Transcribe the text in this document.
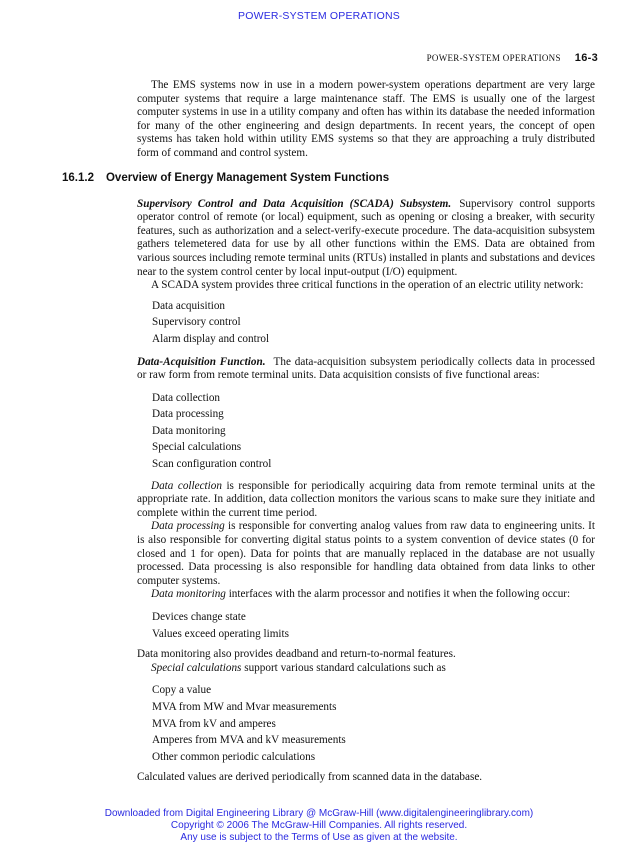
POWER-SYSTEM OPERATIONS
POWER-SYSTEM OPERATIONS 16-3
16.1.2 Overview of Energy Management System Functions

The EMS systems now in use in a modern power-system operations department are very large computer systems that require a large maintenance staff. The EMS is usually one of the largest computer systems in use in a utility company and often has within its database the needed information for many of the other engineering and design departments. In recent years, the concept of open systems has taken hold within utility EMS systems so that they are approaching a truly distributed form of command and control system.

Supervisory Control and Data Acquisition (SCADA) Subsystem. Supervisory control supports operator control of remote (or local) equipment, such as opening or closing a breaker, with security features, such as authorization and a select-verify-execute procedure. The data-acquisition subsystem gathers telemetered data for use by all other functions within the EMS. Data are obtained from various sources including remote terminal units (RTUs) installed in plants and substations and devices near to the system control center by local input-output (I/O) equipment.

A SCADA system provides three critical functions in the operation of an electric utility network:

Data acquisition
Supervisory control
Alarm display and control

Data-Acquisition Function. The data-acquisition subsystem periodically collects data in processed or raw form from remote terminal units. Data acquisition consists of five functional areas:

Data collection
Data processing
Data monitoring
Special calculations
Scan configuration control

Data collection is responsible for periodically acquiring data from remote terminal units at the appropriate rate. In addition, data collection monitors the various scans to make sure they initiate and complete within the current time period.

Data processing is responsible for converting analog values from raw data to engineering units. It is also responsible for converting digital status points to a system convention of device states (0 for closed and 1 for open). Data for points that are manually replaced in the database are not usually processed. Data processing is also responsible for handling data obtained from data links to other computer systems.

Data monitoring interfaces with the alarm processor and notifies it when the following occur:

Devices change state
Values exceed operating limits

Data monitoring also provides deadband and return-to-normal features.

Special calculations support various standard calculations such as

Copy a value
MVA from MW and Mvar measurements
MVA from kV and amperes
Amperes from MVA and kV measurements
Other common periodic calculations

Calculated values are derived periodically from scanned data in the database.

Downloaded from Digital Engineering Library @ McGraw-Hill (www.digitalengineeringlibrary.com)
Copyright © 2006 The McGraw-Hill Companies. All rights reserved.
Any use is subject to the Terms of Use as given at the website.
